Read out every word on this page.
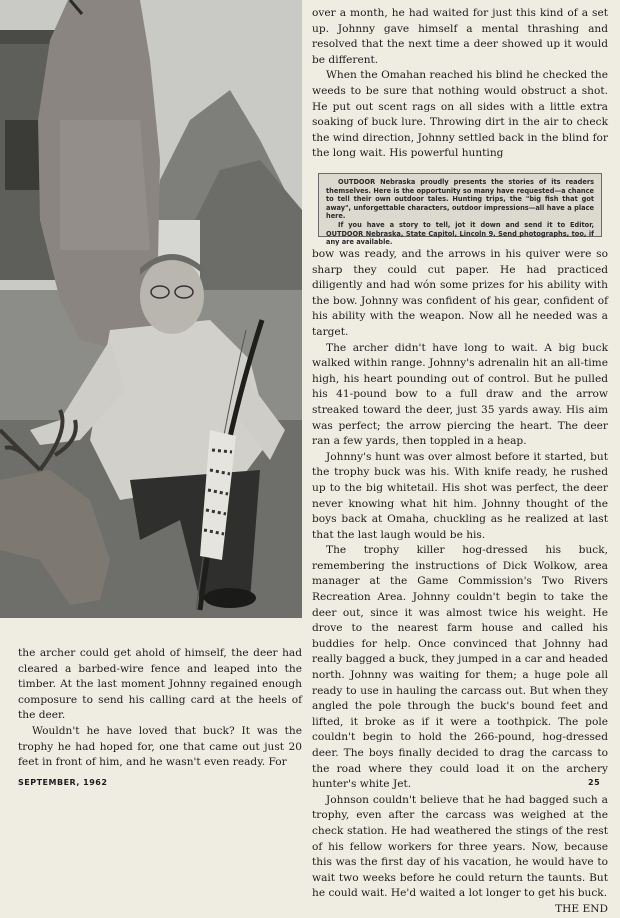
over a month, he had waited for just this kind of a set up. Johnny gave himself a mental thrashing and resolved that the next time a deer showed up it would be different.

When the Omahan reached his blind he checked the weeds to be sure that nothing would obstruct a shot. He put out scent rags on all sides with a little extra soaking of buck lure. Throwing dirt in the air to check the wind direction, Johnny settled back in the blind for the long wait. His powerful hunting

OUTDOOR Nebraska proudly presents the stories of its readers themselves. Here is the opportunity so many have requested—a chance to tell their own outdoor tales. Hunting trips, the "big fish that got away", unforgettable characters, outdoor impressions—all have a place here.

If you have a story to tell, jot it down and send it to Editor, OUTDOOR Nebraska, State Capitol, Lincoln 9. Send photographs, too, if any are available.

bow was ready, and the arrows in his quiver were so sharp they could cut paper. He had practiced diligently and had wón some prizes for his ability with the bow. Johnny was confident of his gear, confident of his ability with the weapon. Now all he needed was a target.

The archer didn't have long to wait. A big buck walked within range. Johnny's adrenalin hit an all-time high, his heart pounding out of control. But he pulled his 41-pound bow to a full draw and the arrow streaked toward the deer, just 35 yards away. His aim was perfect; the arrow piercing the heart. The deer ran a few yards, then toppled in a heap.

Johnny's hunt was over almost before it started, but the trophy buck was his. With knife ready, he rushed up to the big whitetail. His shot was perfect, the deer never knowing what hit him. Johnny thought of the boys back at Omaha, chuckling as he realized at last that the last laugh would be his.

The trophy killer hog-dressed his buck, remembering the instructions of Dick Wolkow, area manager at the Game Commission's Two Rivers Recreation Area. Johnny couldn't begin to take the deer out, since it was almost twice his weight. He drove to the nearest farm house and called his buddies for help. Once convinced that Johnny had really bagged a buck, they jumped in a car and headed north. Johnny was waiting for them; a huge pole all ready to use in hauling the carcass out. But when they angled the pole through the buck's bound feet and lifted, it broke as if it were a toothpick. The pole couldn't begin to hold the 266-pound, hog-dressed deer. The boys finally decided to drag the carcass to the road where they could load it on the archery hunter's white Jet.

Johnson couldn't believe that he had bagged such a trophy, even after the carcass was weighed at the check station. He had weathered the stings of the rest of his fellow workers for three years. Now, because this was the first day of his vacation, he would have to wait two weeks before he could return the taunts. But he could wait. He'd waited a lot longer to get his buck.
THE END

the archer could get ahold of himself, the deer had cleared a barbed-wire fence and leaped into the timber. At the last moment Johnny regained enough composure to send his calling card at the heels of the deer.

Wouldn't he have loved that buck? It was the trophy he had hoped for, one that came out just 20 feet in front of him, and he wasn't even ready. For

SEPTEMBER, 1962	25
